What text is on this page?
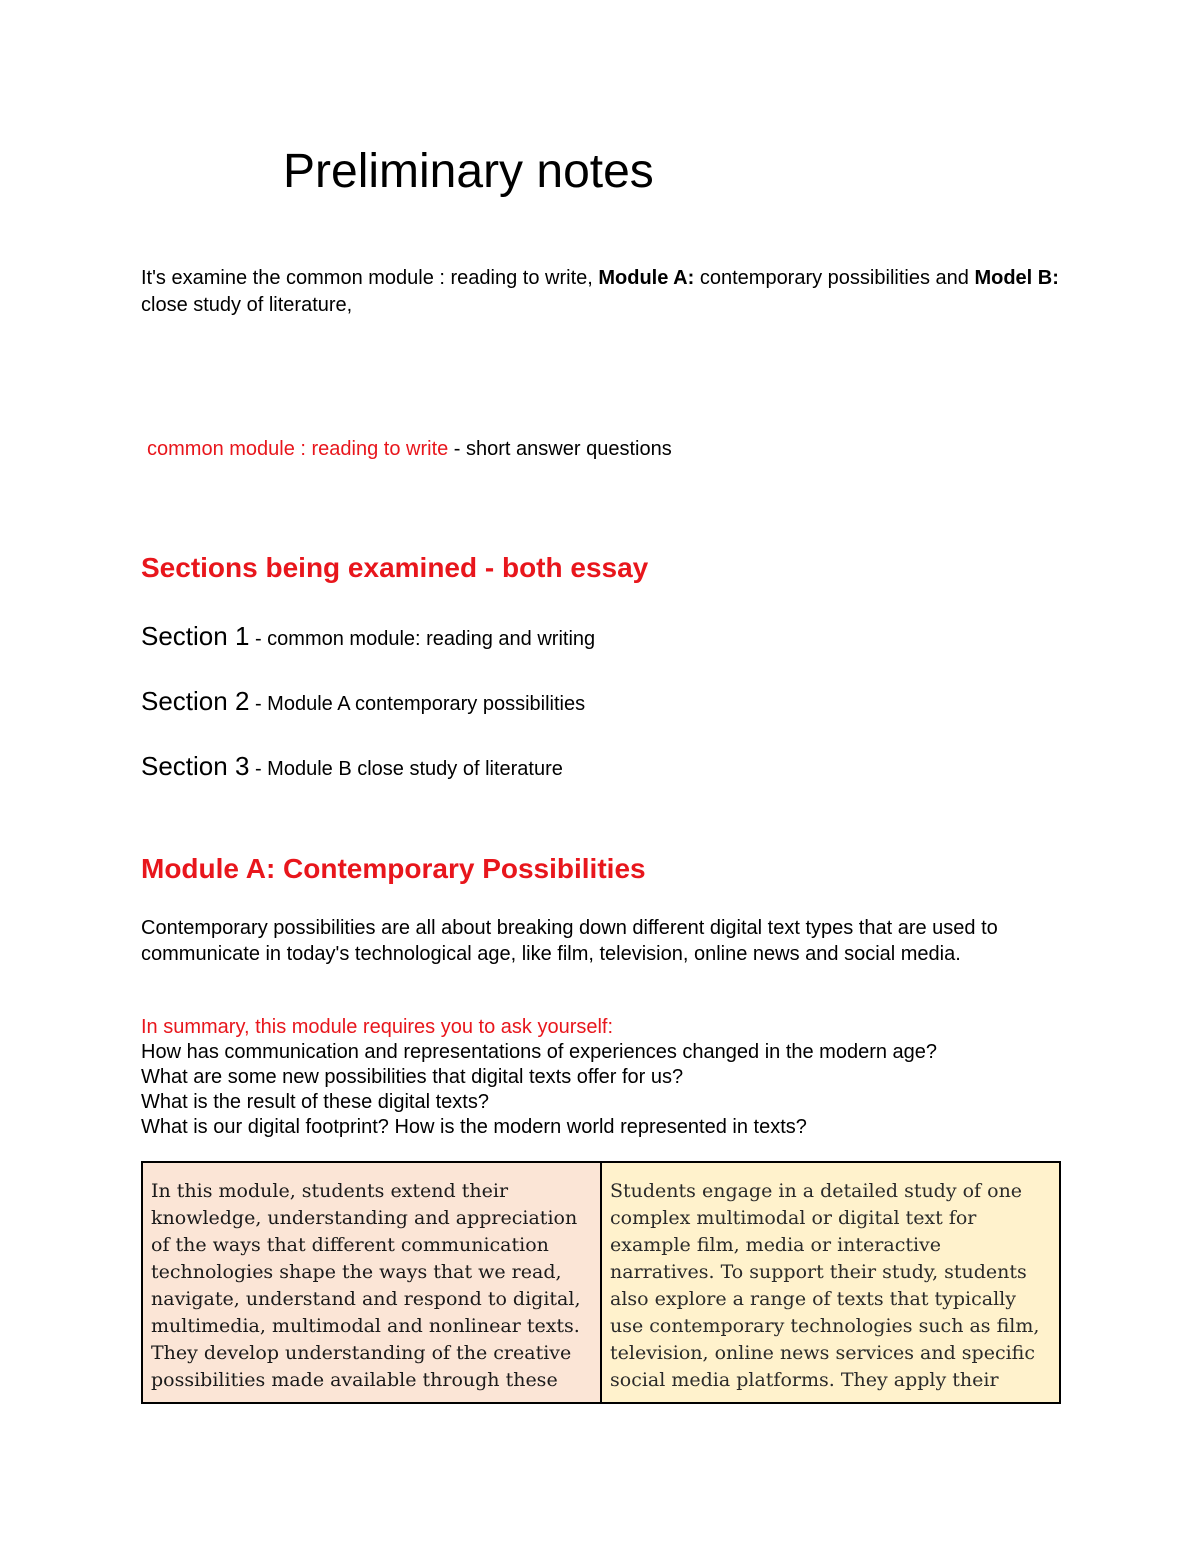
Preliminary notes

It's examine the common module : reading to write, Module A: contemporary possibilities and Model B: close study of literature,

common module : reading to write - short answer questions

Sections being examined - both essay

Section 1 - common module: reading and writing

Section 2 - Module A contemporary possibilities

Section 3 - Module B close study of literature

Module A: Contemporary Possibilities

Contemporary possibilities are all about breaking down different digital text types that are used to communicate in today's technological age, like film, television, online news and social media.

In summary, this module requires you to ask yourself:
How has communication and representations of experiences changed in the modern age?
What are some new possibilities that digital texts offer for us?
What is the result of these digital texts?
What is our digital footprint? How is the modern world represented in texts?
In this module, students extend their knowledge, understanding and appreciation of the ways that different communication technologies shape the ways that we read, navigate, understand and respond to digital, multimedia, multimodal and nonlinear texts. They develop understanding of the creative possibilities made available through these
Students engage in a detailed study of one complex multimodal or digital text for example film, media or interactive narratives. To support their study, students also explore a range of texts that typically use contemporary technologies such as film, television, online news services and specific social media platforms. They apply their
